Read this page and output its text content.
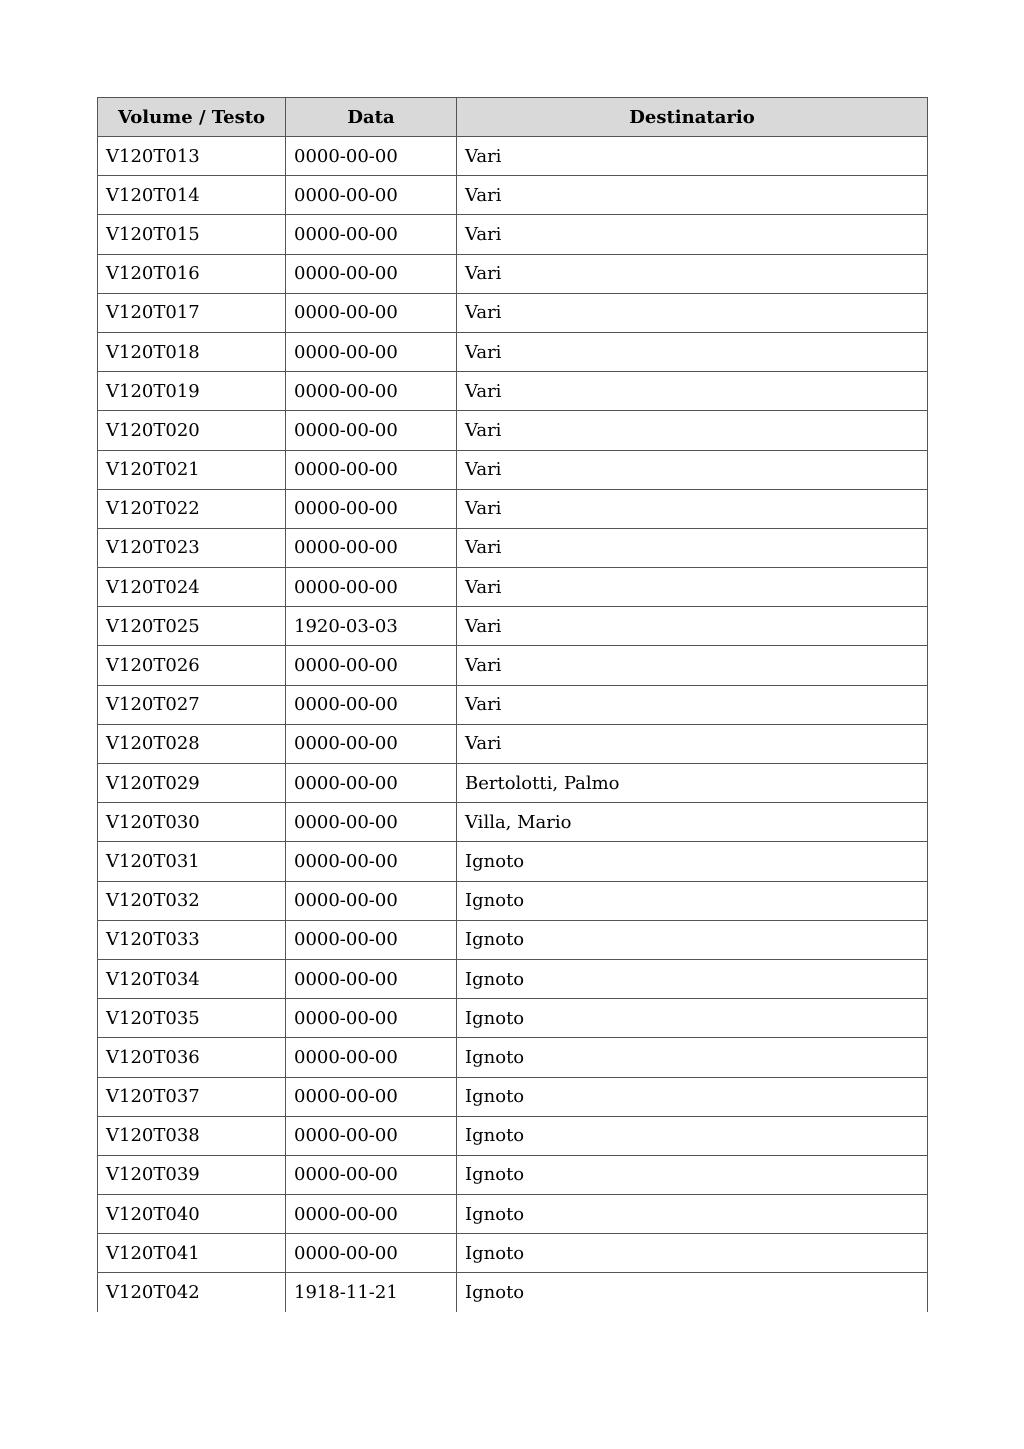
Volume / Testo	Data	Destinatario
V120T013	0000-00-00	Vari
V120T014	0000-00-00	Vari
V120T015	0000-00-00	Vari
V120T016	0000-00-00	Vari
V120T017	0000-00-00	Vari
V120T018	0000-00-00	Vari
V120T019	0000-00-00	Vari
V120T020	0000-00-00	Vari
V120T021	0000-00-00	Vari
V120T022	0000-00-00	Vari
V120T023	0000-00-00	Vari
V120T024	0000-00-00	Vari
V120T025	1920-03-03	Vari
V120T026	0000-00-00	Vari
V120T027	0000-00-00	Vari
V120T028	0000-00-00	Vari
V120T029	0000-00-00	Bertolotti, Palmo
V120T030	0000-00-00	Villa, Mario
V120T031	0000-00-00	Ignoto
V120T032	0000-00-00	Ignoto
V120T033	0000-00-00	Ignoto
V120T034	0000-00-00	Ignoto
V120T035	0000-00-00	Ignoto
V120T036	0000-00-00	Ignoto
V120T037	0000-00-00	Ignoto
V120T038	0000-00-00	Ignoto
V120T039	0000-00-00	Ignoto
V120T040	0000-00-00	Ignoto
V120T041	0000-00-00	Ignoto
V120T042	1918-11-21	Ignoto
